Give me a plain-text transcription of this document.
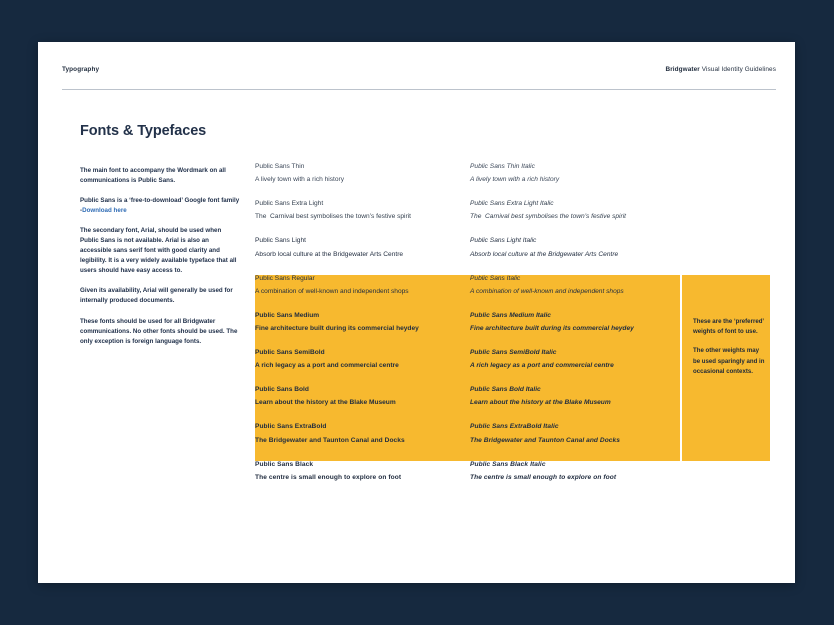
Typography	Bridgwater Visual Identity Guidelines
Fonts & Typefaces

The main font to accompany the Wordmark on all communications is Public Sans.

Public Sans is a ‘free-to-download’ Google font family -Download here

The secondary font, Arial, should be used when Public Sans is not available. Arial is also an accessible sans serif font with good clarity and legibility. It is a very widely available typeface that all users should have easy access to.

Given its availability, Arial will generally be used for internally produced documents.

These fonts should be used for all Bridgwater communications. No other fonts should be used. The only exception is foreign language fonts.

These are the ‘preferred’ weights of font to use.

The other weights may be used sparingly and in occasional contexts.

Public Sans Thin

A lively town with a rich history

Public Sans Thin Italic

A lively town with a rich history

Public Sans Extra Light

The  Carnival best symbolises the town’s festive spirit

Public Sans Extra Light Italic

The  Carnival best symbolises the town’s festive spirit

Public Sans Light

Absorb local culture at the Bridgewater Arts Centre

Public Sans Light Italic

Absorb local culture at the Bridgewater Arts Centre

Public Sans Regular

A combination of well-known and independent shops

Public Sans Italic

A combination of well-known and independent shops

Public Sans Medium

Fine architecture built during its commercial heydey

Public Sans Medium Italic

Fine architecture built during its commercial heydey

Public Sans SemiBold

A rich legacy as a port and commercial centre

Public Sans SemiBold Italic

A rich legacy as a port and commercial centre

Public Sans Bold

Learn about the history at the Blake Museum

Public Sans Bold Italic

Learn about the history at the Blake Museum

Public Sans ExtraBold

The Bridgewater and Taunton Canal and Docks

Public Sans ExtraBold Italic

The Bridgewater and Taunton Canal and Docks

Public Sans Black

The centre is small enough to explore on foot

Public Sans Black Italic

The centre is small enough to explore on foot
